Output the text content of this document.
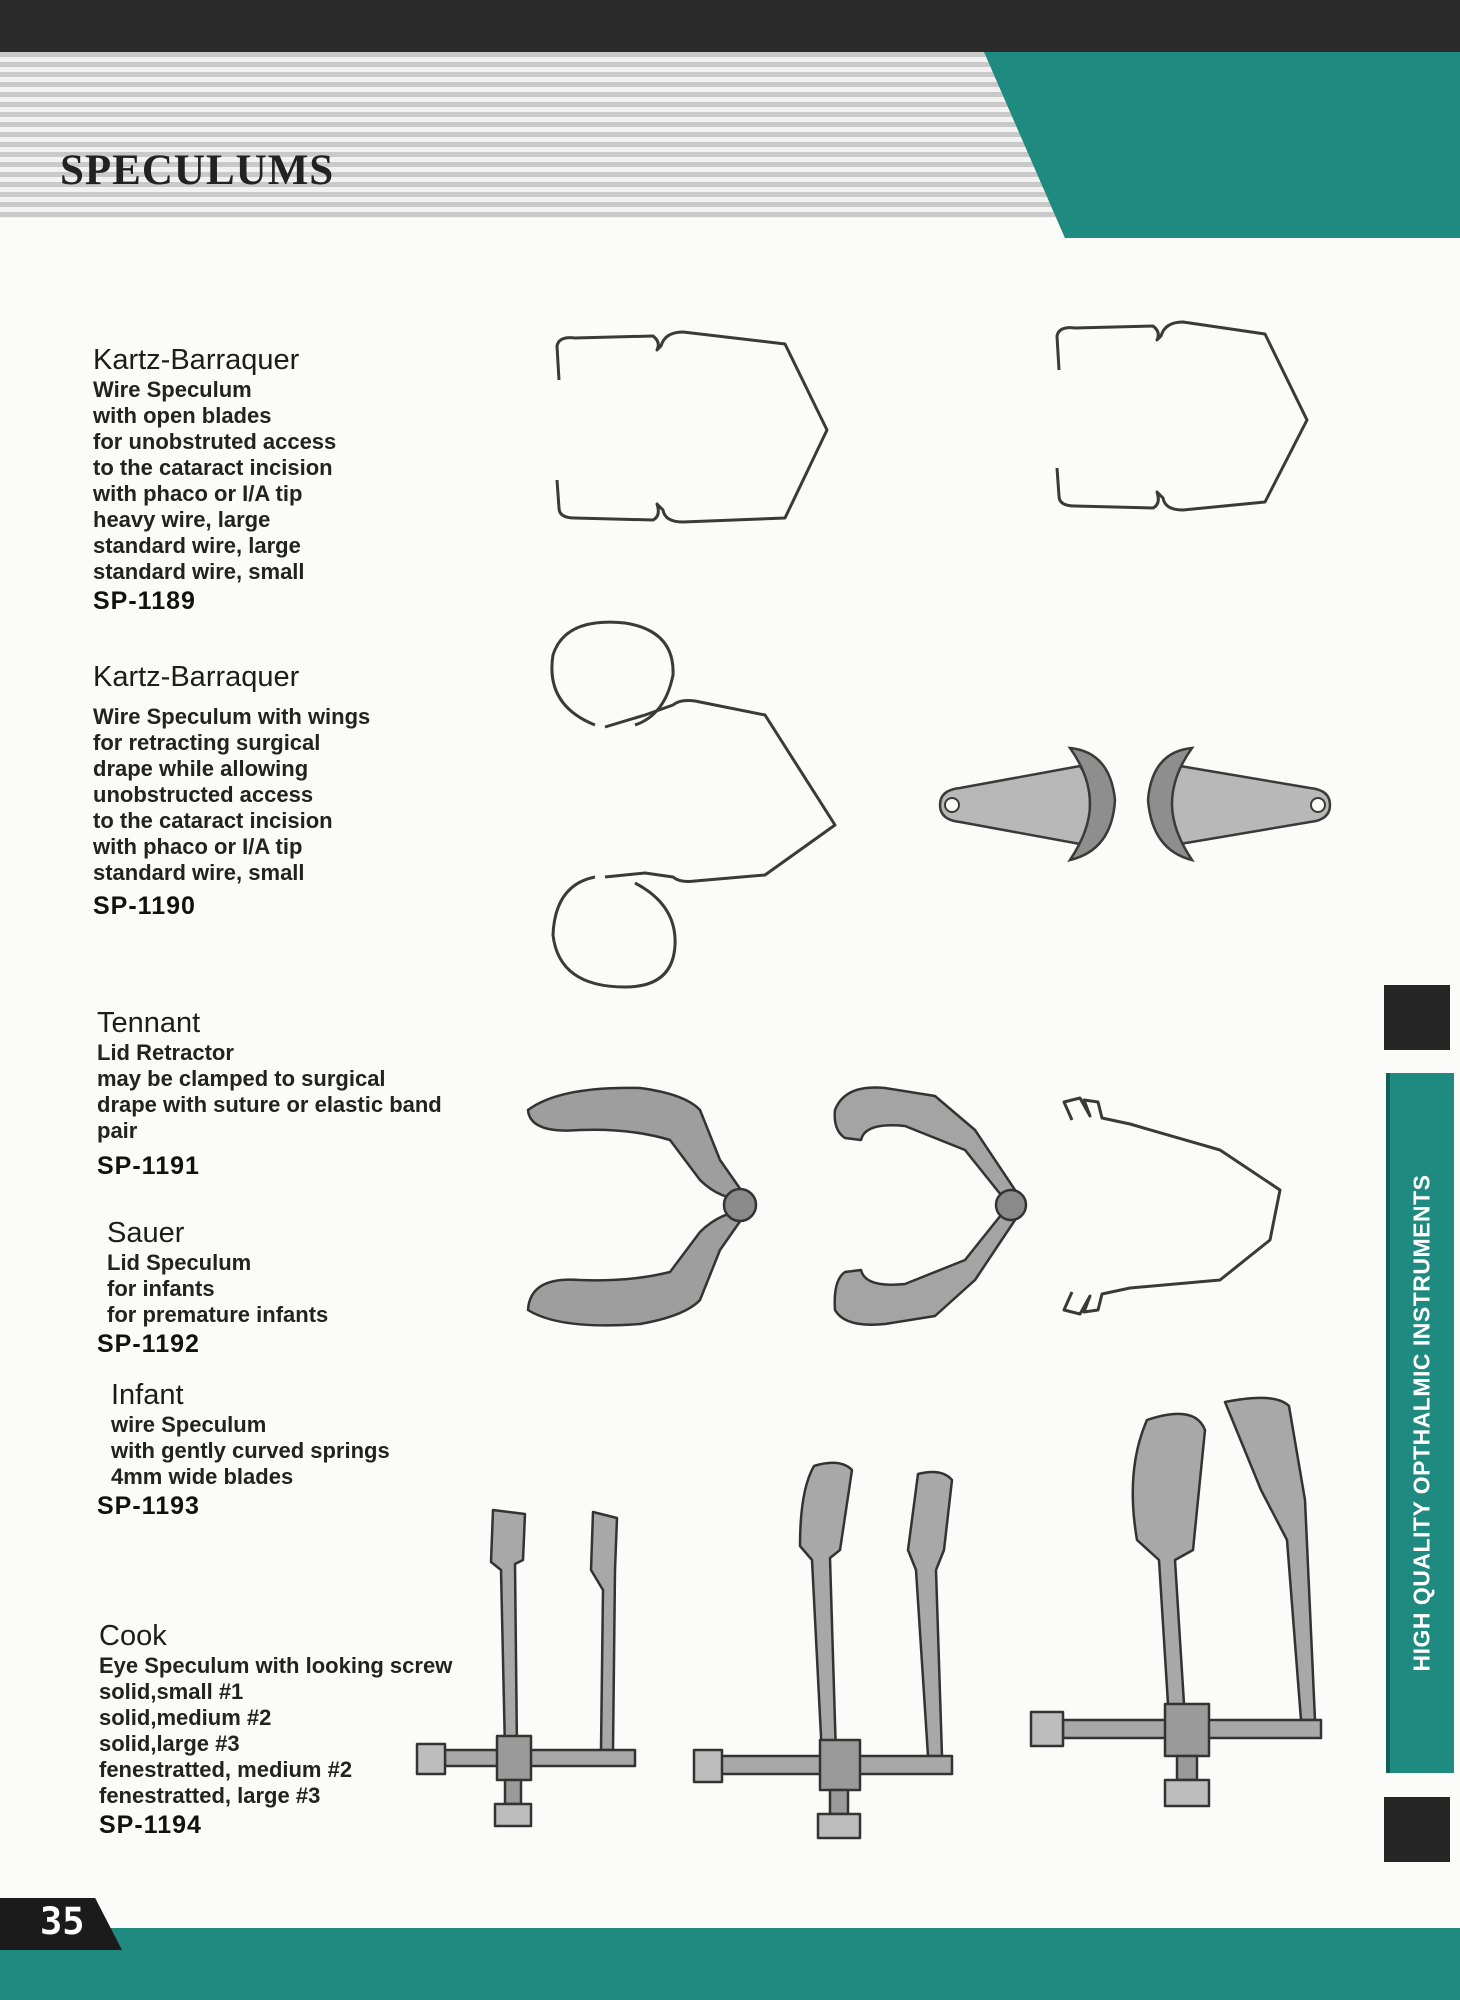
SPECULUMS
Kartz-Barraquer
Wire Speculum
with open blades
for unobstruted access
to the cataract incision
with phaco or I/A tip
heavy wire, large
standard wire, large
standard wire, small
SP-1189
Kartz-Barraquer
Wire Speculum with wings
for retracting surgical
drape while allowing
unobstructed access
to the cataract incision
with phaco or I/A tip
standard wire, small
SP-1190
Tennant
Lid Retractor
may be clamped to surgical
drape with suture or elastic band
pair
SP-1191
Sauer
Lid Speculum
for infants
for premature infants
SP-1192
Infant
wire Speculum
with gently curved springs
4mm wide blades
SP-1193
Cook
Eye Speculum with looking screw
solid,small #1
solid,medium #2
solid,large #3
fenestratted, medium #2
fenestratted, large #3
SP-1194
HIGH QUALITY OPTHALMIC INSTRUMENTS
35
